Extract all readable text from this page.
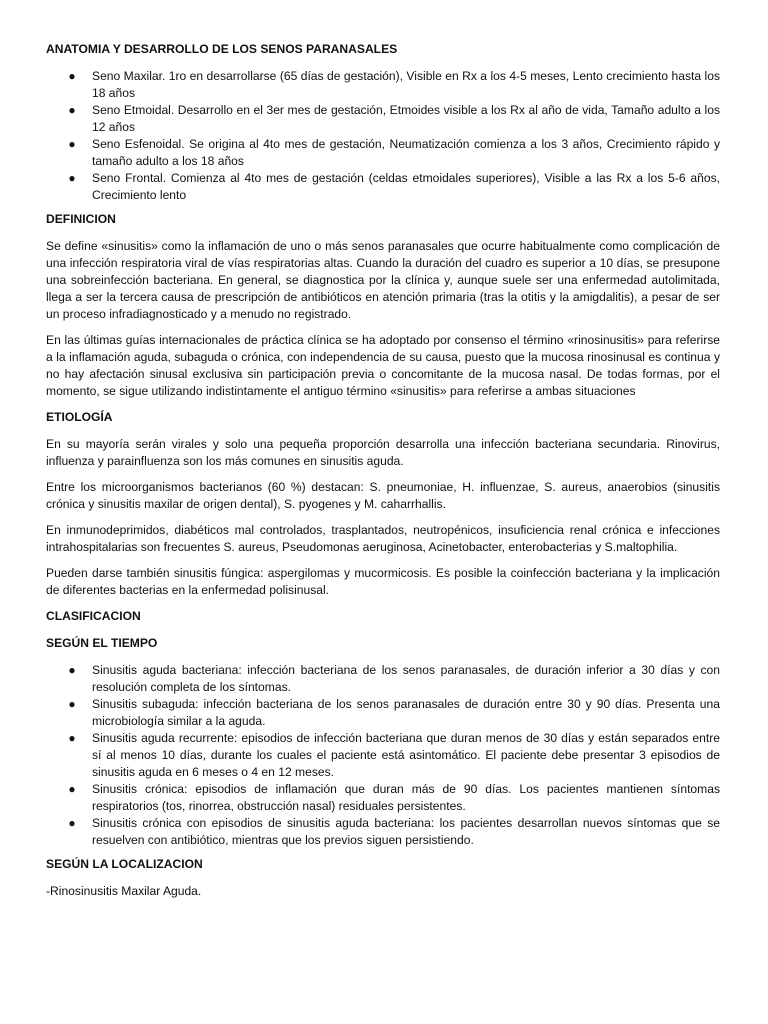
ANATOMIA Y DESARROLLO DE LOS SENOS PARANASALES
● Seno Maxilar. 1ro en desarrollarse (65 días de gestación), Visible en Rx a los 4-5 meses, Lento crecimiento hasta los 18 años
● Seno Etmoidal. Desarrollo en el 3er mes de gestación, Etmoides visible a los Rx al año de vida, Tamaño adulto a los 12 años
● Seno Esfenoidal. Se origina al 4to mes de gestación, Neumatización comienza a los 3 años, Crecimiento rápido y tamaño adulto a los 18 años
● Seno Frontal. Comienza al 4to mes de gestación (celdas etmoidales superiores), Visible a las Rx a los 5-6 años, Crecimiento lento
DEFINICION

Se define «sinusitis» como la inflamación de uno o más senos paranasales que ocurre habitualmente como complicación de una infección respiratoria viral de vías respiratorias altas. Cuando la duración del cuadro es superior a 10 días, se presupone una sobreinfección bacteriana. En general, se diagnostica por la clínica y, aunque suele ser una enfermedad autolimitada, llega a ser la tercera causa de prescripción de antibióticos en atención primaria (tras la otitis y la amigdalitis), a pesar de ser un proceso infradiagnosticado y a menudo no registrado.

En las últimas guías internacionales de práctica clínica se ha adoptado por consenso el término «rinosinusitis» para referirse a la inflamación aguda, subaguda o crónica, con independencia de su causa, puesto que la mucosa rinosinusal es continua y no hay afectación sinusal exclusiva sin participación previa o concomitante de la mucosa nasal. De todas formas, por el momento, se sigue utilizando indistintamente el antiguo término «sinusitis» para referirse a ambas situaciones

ETIOLOGÍA

En su mayoría serán virales y solo una pequeña proporción desarrolla una infección bacteriana secundaria. Rinovirus, influenza y parainfluenza son los más comunes en sinusitis aguda.

Entre los microorganismos bacterianos (60 %) destacan: S. pneumoniae, H. influenzae, S. aureus, anaerobios (sinusitis crónica y sinusitis maxilar de origen dental), S. pyogenes y M. caharrhallis.

En inmunodeprimidos, diabéticos mal controlados, trasplantados, neutropénicos, insuficiencia renal crónica e infecciones intrahospitalarias son frecuentes S. aureus, Pseudomonas aeruginosa, Acinetobacter, enterobacterias y S.maltophilia.

Pueden darse también sinusitis fúngica: aspergilomas y mucormicosis. Es posible la coinfección bacteriana y la implicación de diferentes bacterias en la enfermedad polisinusal.

CLASIFICACION
SEGÚN EL TIEMPO
● Sinusitis aguda bacteriana: infección bacteriana de los senos paranasales, de duración inferior a 30 días y con resolución completa de los síntomas.
● Sinusitis subaguda: infección bacteriana de los senos paranasales de duración entre 30 y 90 días. Presenta una microbiología similar a la aguda.
● Sinusitis aguda recurrente: episodios de infección bacteriana que duran menos de 30 días y están separados entre sí al menos 10 días, durante los cuales el paciente está asintomático. El paciente debe presentar 3 episodios de sinusitis aguda en 6 meses o 4 en 12 meses.
● Sinusitis crónica: episodios de inflamación que duran más de 90 días. Los pacientes mantienen síntomas respiratorios (tos, rinorrea, obstrucción nasal) residuales persistentes.
● Sinusitis crónica con episodios de sinusitis aguda bacteriana: los pacientes desarrollan nuevos síntomas que se resuelven con antibiótico, mientras que los previos siguen persistiendo.
SEGÚN LA LOCALIZACION

-Rinosinusitis Maxilar Aguda.
